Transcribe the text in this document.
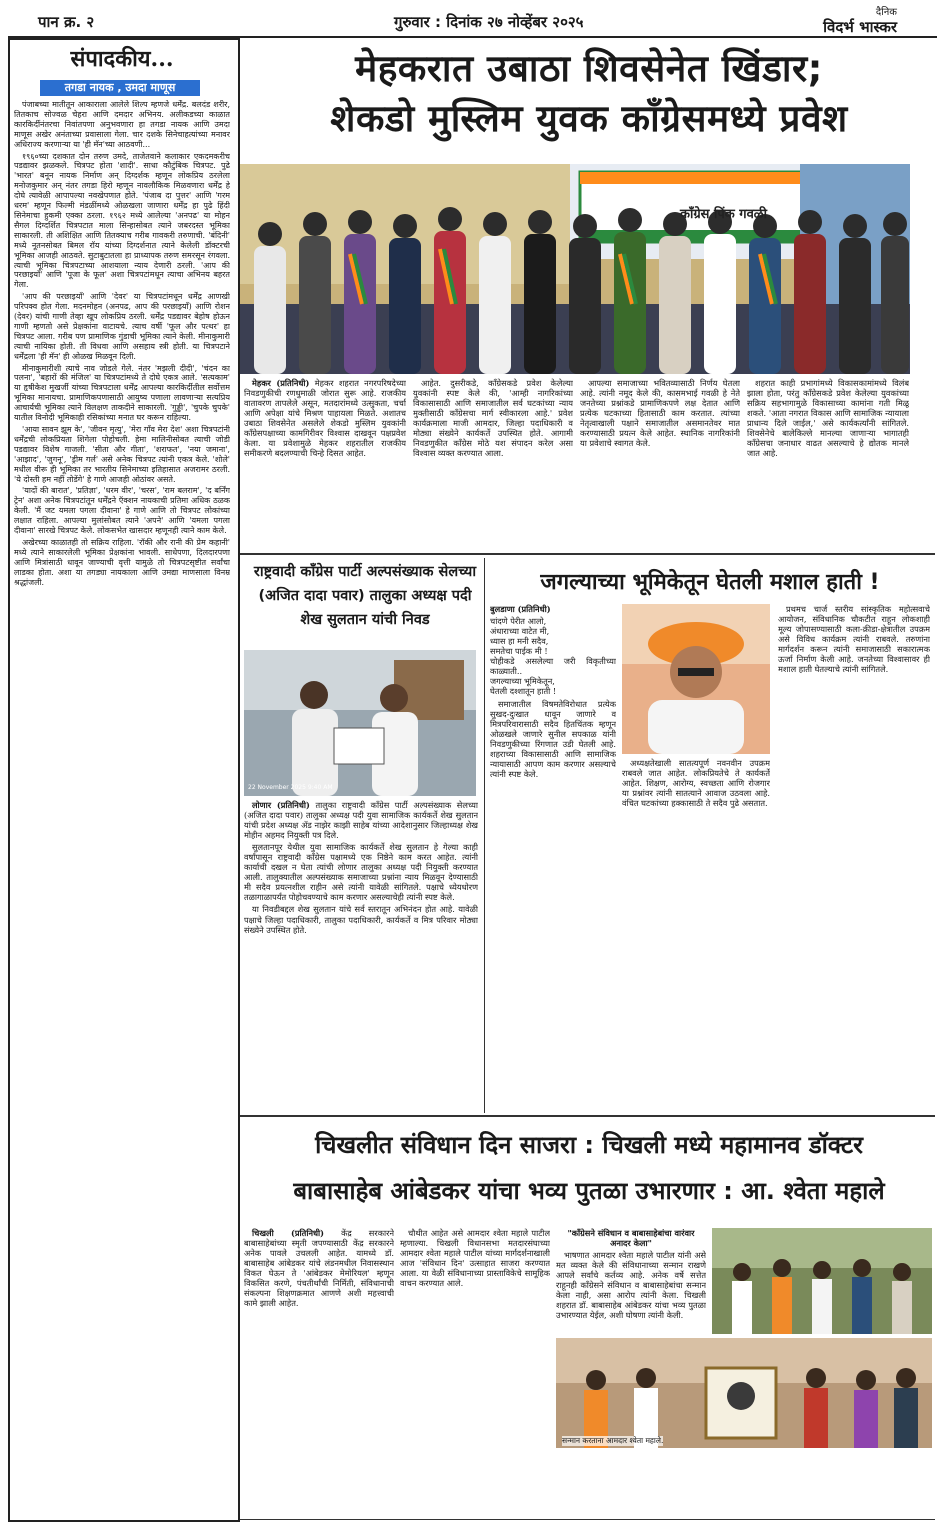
पान क्र. २	गुरुवार : दिनांक २७ नोव्हेंबर २०२५
दैनिक
विदर्भ भास्कर
संपादकीय...
तगडा नायक , उमदा माणूस

पंजाबच्या मातीतून आकाराला आलेले शिल्प म्हणजे धर्मेंद्र. बलदंड शरीर, तितकाच सोज्वळ चेहरा आणि दमदार अभिनय. अलीकडच्या काळात कारकिर्दीनंतरचा निवांतपणा अनुभवणारा हा तगडा नायक आणि उमदा माणूस अखेर अनंताच्या प्रवासाला गेला. चार दशके सिनेचाहत्यांच्या मनावर अधिराज्य करणाऱ्या या 'ही मॅन'च्या आठवणी...

१९६०च्या दशकात दोन तरुण उमदे, ताजेतवाने कलाकार एकदमकरीच पडद्यावर झळकले. चित्रपट होता 'शादी'. साधा कौटुंबिक चित्रपट. पुढे 'भारत' बनून नायक निर्माण अन् दिग्दर्शक म्हणून लोकप्रिय ठरलेला मनोजकुमार अन् नंतर तगडा हिरो म्हणून नावलौकिक मिळवणारा धर्मेंद्र हे दोघे त्यावेळी आपापल्या नवखेपणात होते. 'पंजाब दा पुत्तर' आणि 'गरम धरम' म्हणून फिल्मी मंडळींमध्ये ओळखला जाणारा धर्मेंद्र हा पुढे हिंदी सिनेमाचा हुकमी एक्का ठरला. १९६२ मध्ये आलेल्या 'अनपढ' या मोहन सैगल दिग्दर्शित चित्रपटात माला सिन्हासोबत त्याने जबरदस्त भूमिका साकारली. ती अशिक्षित आणि तितक्याच गरीब गावकरी तरुणाची. 'बंदिनी' मध्ये नूतनसोबत बिमल रॉय यांच्या दिग्दर्शनात त्याने केलेली डॉक्टरची भूमिका आजही आठवते. सुटाबुटातला हा प्राध्यापक तरुण समरसून रंगवला. त्याची भूमिका चित्रपटाच्या आशयाला न्याय देणारी ठरली. 'आप की परछाइयाँ' आणि 'पूजा के फूल' अशा चित्रपटांमधून त्याचा अभिनय बहरत गेला.

'आप की परछाइयाँ' आणि 'देवर' या चित्रपटांमधून धर्मेंद्र आणखी परिपक्व होत गेला. मदनमोहन (अनपढ, आप की परछाइयाँ) आणि रोशन (देवर) यांची गाणी तेव्हा खूप लोकप्रिय ठरली. धर्मेंद्र पडद्यावर बेहोष होऊन गाणी म्हणतो असे प्रेक्षकांना वाटायचे. त्याच वर्षी 'फूल और पत्थर' हा चित्रपट आला. गरीब पण प्रामाणिक गुंडाची भूमिका त्याने केली. मीनाकुमारी त्याची नायिका होती. ती विधवा आणि असहाय स्त्री होती. या चित्रपटाने धर्मेंद्रला 'ही मॅन' ही ओळख मिळवून दिली.

मीनाकुमारीशी त्याचे नाव जोडले गेले. नंतर 'मझली दीदी', 'चंदन का पलना', 'बहारों की मंजिल' या चित्रपटांमध्ये ते दोघे एकत्र आले. 'सत्यकाम' या हृषीकेश मुखर्जी यांच्या चित्रपटाला धर्मेंद्र आपल्या कारकिर्दीतील सर्वोत्तम भूमिका मानायचा. प्रामाणिकपणासाठी आयुष्य पणाला लावणाऱ्या सत्यप्रिय आचार्यची भूमिका त्याने विलक्षण ताकदीने साकारली. 'गुड्डी', 'चुपके चुपके' यातील विनोदी भूमिकाही रसिकांच्या मनात घर करून राहिल्या.

'आया सावन झूम के', 'जीवन मृत्यु', 'मेरा गाँव मेरा देश' अशा चित्रपटांनी धर्मेंद्रची लोकप्रियता शिगेला पोहोचली. हेमा मालिनीसोबत त्याची जोडी पडद्यावर विशेष गाजली. 'सीता और गीता', 'शराफत', 'नया जमाना', 'आझाद', 'जुगनू', 'ड्रीम गर्ल' असे अनेक चित्रपट त्यांनी एकत्र केले. 'शोले' मधील वीरू ही भूमिका तर भारतीय सिनेमाच्या इतिहासात अजरामर ठरली. 'ये दोस्ती हम नहीं तोडेंगे' हे गाणे आजही ओठांवर असते.

'यादों की बारात', 'प्रतिज्ञा', 'धरम वीर', 'चरस', 'राम बलराम', 'द बर्निंग ट्रेन' अशा अनेक चित्रपटांतून धर्मेंद्रने ऍक्शन नायकाची प्रतिमा अधिक ठळक केली. 'मैं जट यमला पगला दीवाना' हे गाणे आणि तो चित्रपट लोकांच्या लक्षात राहिला. आपल्या मुलांसोबत त्याने 'अपने' आणि 'यमला पगला दीवाना' सारखे चित्रपट केले. लोकसभेत खासदार म्हणूनही त्याने काम केले.

अखेरच्या काळातही तो सक्रिय राहिला. 'रॉकी और रानी की प्रेम कहानी' मध्ये त्याने साकारलेली भूमिका प्रेक्षकांना भावली. साधेपणा, दिलदारपणा आणि मित्रांसाठी धावून जाण्याची वृत्ती यामुळे तो चित्रपटसृष्टीत सर्वांचा लाडका होता. अशा या तगड्या नायकाला आणि उमद्या माणसाला विनम्र श्रद्धांजली.

मेहकरात उबाठा शिवसेनेत खिंडार;
शेकडो मुस्लिम युवक काँग्रेसमध्ये प्रवेश
काँग्रेस पिंक गवळी

मेहकर (प्रतिनिधी) मेहकर शहरात नगरपरिषदेच्या निवडणुकीची रणधुमाळी जोरात सुरू आहे. राजकीय वातावरण तापलेले असून, मतदारांमध्ये उत्सुकता, चर्चा आणि अपेक्षा यांचे मिश्रण पाहायला मिळते. अशातच उबाठा शिवसेनेत असलेले शेकडो मुस्लिम युवकांनी काँग्रेसपक्षाच्या कामगिरीवर विश्वास दाखवून पक्षप्रवेश केला. या प्रवेशामुळे मेहकर शहरातील राजकीय समीकरणे बदलण्याची चिन्हे दिसत आहेत.

आहेत. दुसरीकडे, काँग्रेसकडे प्रवेश केलेल्या युवकांनी स्पष्ट केले की, 'आम्ही नागरिकांच्या विकासासाठी आणि समाजातील सर्व घटकांच्या न्याय मुक्तीसाठी काँग्रेसचा मार्ग स्वीकारला आहे.' प्रवेश कार्यक्रमाला माजी आमदार, जिल्हा पदाधिकारी व मोठ्या संख्येने कार्यकर्ते उपस्थित होते. आगामी निवडणुकीत काँग्रेस मोठे यश संपादन करेल असा विश्वास व्यक्त करण्यात आला.

आपल्या समाजाच्या भवितव्यासाठी निर्णय घेतला आहे. त्यांनी नमूद केले की, कासमभाई गवळी हे नेते जनतेच्या प्रश्नांकडे प्रामाणिकपणे लक्ष देतात आणि प्रत्येक घटकाच्या हितासाठी काम करतात. त्यांच्या नेतृत्वाखाली पक्षाने समाजातील असमानतेवर मात करण्यासाठी प्रयत्न केले आहेत. स्थानिक नागरिकांनी या प्रवेशाचे स्वागत केले.

शहरात काही प्रभागांमध्ये विकासकामांमध्ये विलंब झाला होता, परंतु काँग्रेसकडे प्रवेश केलेल्या युवकांच्या सक्रिय सहभागामुळे विकासाच्या कामांना गती मिळू शकते. 'आता नगरात विकास आणि सामाजिक न्यायाला प्राधान्य दिले जाईल,' असे कार्यकर्त्यांनी सांगितले. शिवसेनेचे बालेकिल्ले मानल्या जाणाऱ्या भागातही काँग्रेसचा जनाधार वाढत असल्याचे हे द्योतक मानले जात आहे.

राष्ट्रवादी काँग्रेस पार्टी अल्पसंख्याक सेलच्या (अजित दादा पवार) तालुका अध्यक्ष पदी शेख सुलतान यांची निवड
22 November 2025 9:40 AM

लोणार (प्रतिनिधी) तालुका राष्ट्रवादी काँग्रेस पार्टी अल्पसंख्याक सेलच्या (अजित दादा पवार) तालुका अध्यक्ष पदी युवा सामाजिक कार्यकर्ते शेख सुलतान यांची प्रदेश अध्यक्ष ॲड नाझेर काझी साहेब यांच्या आदेशानुसार जिल्हाध्यक्ष शेख मोहीन अहमद नियुक्ती पत्र दिले.

सुलतानपूर येथील युवा सामाजिक कार्यकर्ते शेख सुलतान हे गेल्या काही वर्षांपासून राष्ट्रवादी काँग्रेस पक्षामध्ये एक निष्ठेने काम करत आहेत. त्यांनी कार्याची दखल न घेता त्यांची लोणार तालुका अध्यक्ष पदी नियुक्ती करण्यात आली. तालुक्यातील अल्पसंख्याक समाजाच्या प्रश्नांना न्याय मिळवून देण्यासाठी मी सदैव प्रयत्नशील राहीन असे त्यांनी यावेळी सांगितले. पक्षाचे ध्येयधोरण तळागाळापर्यंत पोहोचवण्याचे काम करणार असल्याचेही त्यांनी स्पष्ट केले.

या निवडीबद्दल शेख सुलतान यांचे सर्व स्तरातून अभिनंदन होत आहे. यावेळी पक्षाचे जिल्हा पदाधिकारी, तालुका पदाधिकारी, कार्यकर्ते व मित्र परिवार मोठ्या संख्येने उपस्थित होते.

जगल्याच्या भूमिकेतून घेतली मशाल हाती !

बुलडाणा (प्रतिनिधी)

चांदणे पेरीत आलो,
अंधाराच्या वाटेत मी,
ध्यास हा मनी सदैव,
समतेचा पाईक मी !
चोहीकडे असलेल्या जरी विकृतीच्या काळ्याती..
जगल्याच्या भूमिकेतून,
घेतली दश्शातून हाती !

समाजातील विषमतेविरोधात प्रत्येक सुखद-दुःखात धावून जाणारे व मित्रपरिवारासाठी सदैव हितचिंतक म्हणून ओळखले जाणारे सुनील सपकाळ यांनी निवडणुकीच्या रिंगणात उडी घेतली आहे. शहराच्या विकासासाठी आणि सामाजिक न्यायासाठी आपण काम करणार असल्याचे त्यांनी स्पष्ट केले.

अध्यक्षतेखाली सातत्यपूर्ण नवनवीन उपक्रम राबवले जात आहेत. लोकप्रियतेचे ते कार्यकर्ते आहेत. शिक्षण, आरोग्य, स्वच्छता आणि रोजगार या प्रश्नांवर त्यांनी सातत्याने आवाज उठवला आहे. वंचित घटकांच्या हक्कासाठी ते सदैव पुढे असतात.

प्रथमच चार्ज स्तरीय सांस्कृतिक महोत्सवाचे आयोजन, संविधानिक चौकटीत राहून लोकशाही मूल्य जोपासण्यासाठी कला-क्रीडा-क्षेत्रातील उपक्रम असे विविध कार्यक्रम त्यांनी राबवले. तरुणांना मार्गदर्शन करून त्यांनी समाजासाठी सकारात्मक ऊर्जा निर्माण केली आहे. जनतेच्या विश्वासावर ही मशाल हाती घेतल्याचे त्यांनी सांगितले.

चिखलीत संविधान दिन साजरा : चिखली मध्ये महामानव डॉक्टर
बाबासाहेब आंबेडकर यांचा भव्य पुतळा उभारणार : आ. श्वेता महाले

चिखली (प्रतिनिधी) केंद्र सरकारने बाबासाहेबांच्या स्मृती जपण्यासाठी केंद्र सरकारने अनेक पावले उचलली आहेत. यामध्ये डॉ. बाबासाहेब आंबेडकर यांचे लंडनमधील निवासस्थान विकत घेऊन ते 'आंबेडकर मेमोरियल' म्हणून विकसित करणे, पंचतीर्थांची निर्मिती, संविधानाची संकल्पना शिक्षणक्रमात आणणे अशी महत्त्वाची कामे झाली आहेत.

चौथीत आहेत असे आमदार श्वेता महाले पाटील म्हणाल्या. चिखली विधानसभा मतदारसंघाच्या आमदार श्वेता महाले पाटील यांच्या मार्गदर्शनाखाली आज 'संविधान दिन' उत्साहात साजरा करण्यात आला. या वेळी संविधानाच्या प्रास्ताविकेचे सामूहिक वाचन करण्यात आले.

"काँग्रेसने संविधान व बाबासाहेबांचा वारंवार अनादर केला"

भाषणात आमदार श्वेता महाले पाटील यांनी असे मत व्यक्त केले की संविधानाच्या सन्मान राखणे आपले सर्वांचे कर्तव्य आहे. अनेक वर्षे सत्तेत राहूनही काँग्रेसने संविधान व बाबासाहेबांचा सन्मान केला नाही, असा आरोप त्यांनी केला. चिखली शहरात डॉ. बाबासाहेब आंबेडकर यांचा भव्य पुतळा उभारण्यात येईल, अशी घोषणा त्यांनी केली.

सन्मान करताना आमदार श्वेता महाले.
